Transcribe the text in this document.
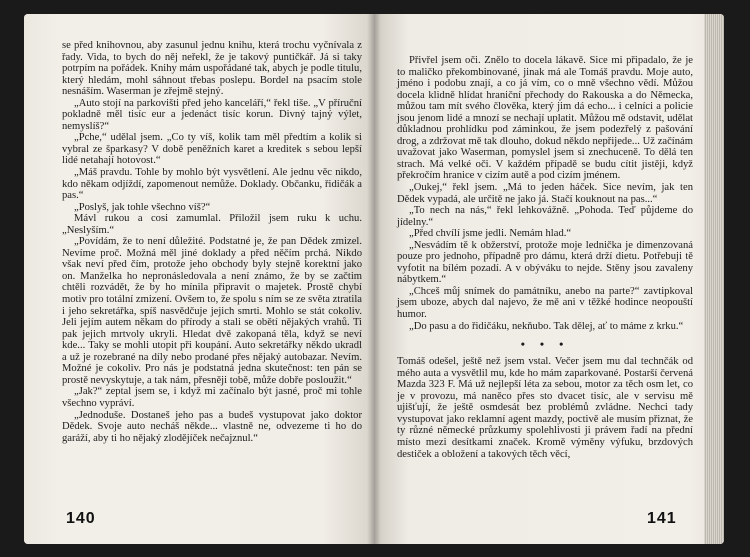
se před knihovnou, aby zasunul jednu knihu, která trochu vyčnívala z řady. Vida, to bych do něj neřekl, že je takový puntičkář. Já si taky potrpím na pořádek. Knihy mám uspořádané tak, abych je podle titulu, který hledám, mohl sáhnout třebas poslepu. Bordel na psacím stole nesnáším. Waserman je zřejmě stejný.

„Auto stojí na parkovišti před jeho kanceláří,“ řekl tiše. „V příruční pokladně měl tisíc eur a jedenáct tisíc korun. Divný tajný výlet, nemyslíš?“

„Pche,“ udělal jsem. „Co ty víš, kolik tam měl předtím a kolik si vybral ze šparkasy? V době peněžních karet a kreditek s sebou lepší lidé netahají hotovost.“

„Máš pravdu. Tohle by mohlo být vysvětlení. Ale jednu věc nikdo, kdo někam odjíždí, zapomenout nemůže. Doklady. Občanku, řidičák a pas.“

„Poslyš, jak tohle všechno víš?“

Mávl rukou a cosi zamumlal. Přiložil jsem ruku k uchu. „Neslyším.“

„Povídám, že to není důležité. Podstatné je, že pan Dědek zmizel. Nevíme proč. Možná měl jiné doklady a před něčím prchá. Nikdo však neví před čím, protože jeho obchody byly stejně korektní jako on. Manželka ho nepronásledovala a není známo, že by se začtim chtěli rozvádět, že by ho mínila připravit o majetek. Prostě chybí motiv pro totální zmizení. Ovšem to, že spolu s ním se ze světa ztratila i jeho sekretářka, spíš nasvědčuje jejich smrti. Mohlo se stát cokoliv. Jeli jejím autem někam do přírody a stali se obětí nějakých vrahů. Ti pak jejich mrtvoly ukryli. Hledat dvě zakopaná těla, když se neví kde... Taky se mohli utopit při koupání. Auto sekretářky někdo ukradl a už je rozebrané na díly nebo prodané přes nějaký autobazar. Nevím. Možné je cokoliv. Pro nás je podstatná jedna skutečnost: ten pán se prostě nevyskytuje, a tak nám, přesněji tobě, může dobře posloužit.“

„Jak?“ zeptal jsem se, i když mi začínalo být jasné, proč mi tohle všechno vypráví.

„Jednoduše. Dostaneš jeho pas a budeš vystupovat jako doktor Dědek. Svoje auto necháš někde... vlastně ne, odvezeme ti ho do garáží, aby ti ho nějaký zlodějíček nečajznul.“

140

Přivřel jsem oči. Znělo to docela lákavě. Sice mi připadalo, že je to maličko překombinované, jinak má ale Tomáš pravdu. Moje auto, jméno i podobu znají, a co já vím, co o mně všechno vědí. Můžou docela klidně hlídat hraniční přechody do Rakouska a do Německa, můžou tam mít svého člověka, který jim dá echo... i celníci a policie jsou jenom lidé a mnozí se nechají uplatit. Můžou mě odstavit, udělat důkladnou prohlídku pod záminkou, že jsem podezřelý z pašování drog, a zdržovat mě tak dlouho, dokud někdo nepřijede... Už začínám uvažovat jako Waserman, pomyslel jsem si znechuceně. To dělá ten strach. Má velké oči. V každém případě se budu cítit jistěji, když překročím hranice v cizím autě a pod cizím jménem.

„Oukej,“ řekl jsem. „Má to jeden háček. Sice nevím, jak ten Dědek vypadá, ale určitě ne jako já. Stačí kouknout na pas...“

„To nech na nás,“ řekl lehkovážně. „Pohoda. Teď půjdeme do jídelny.“

„Před chvílí jsme jedli. Nemám hlad.“

„Nesvádím tě k obžerství, protože moje lednička je dimenzovaná pouze pro jednoho, případně pro dámu, která drží dietu. Potřebuji tě vyfotit na bílém pozadí. A v obýváku to nejde. Stěny jsou zavaleny nábytkem.“

„Chceš můj snímek do památníku, anebo na parte?“ zavtipkoval jsem uboze, abych dal najevo, že mě ani v těžké hodince neopouští humor.

„Do pasu a do řidičáku, nekňubo. Tak dělej, ať to máme z krku.“

• • •

Tomáš odešel, ještě než jsem vstal. Večer jsem mu dal technčák od mého auta a vysvětlil mu, kde ho mám zaparkované. Postarší červená Mazda 323 F. Má už nejlepší léta za sebou, motor za těch osm let, co je v provozu, má naněco přes sto dvacet tisíc, ale v servisu mě ujišťují, že ještě osmdesát bez problémů zvládne. Nechci tady vystupovat jako reklamní agent mazdy, poctivě ale musím přiznat, že ty různé německé průzkumy spolehlivosti ji právem řadí na přední místo mezi desítkami značek. Kromě výměny výfuku, brzdových destiček a obložení a takových těch věcí,

141
